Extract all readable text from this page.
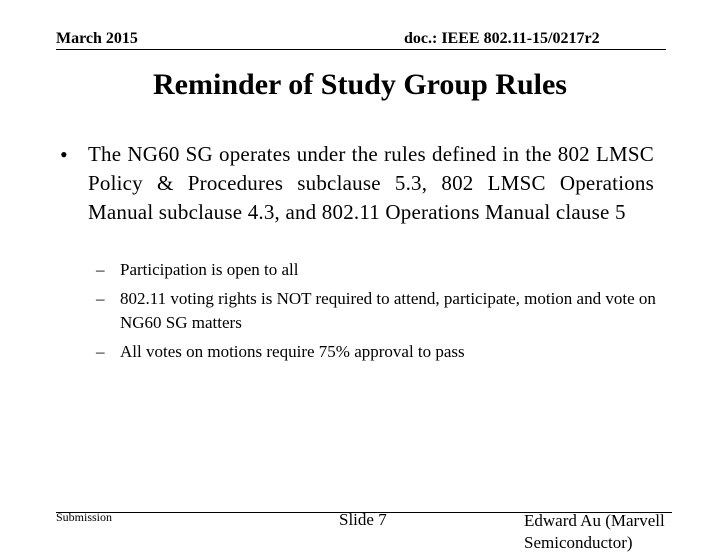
March 2015	doc.: IEEE 802.11-15/0217r2
Reminder of Study Group Rules
• The NG60 SG operates under the rules defined in the 802 LMSC Policy & Procedures subclause 5.3, 802 LMSC Operations Manual subclause 4.3, and 802.11 Operations Manual clause 5
– Participation is open to all
– 802.11 voting rights is NOT required to attend, participate, motion and vote on NG60 SG matters
– All votes on motions require 75% approval to pass
Submission	Slide 7	Edward Au (Marvell
Semiconductor)
